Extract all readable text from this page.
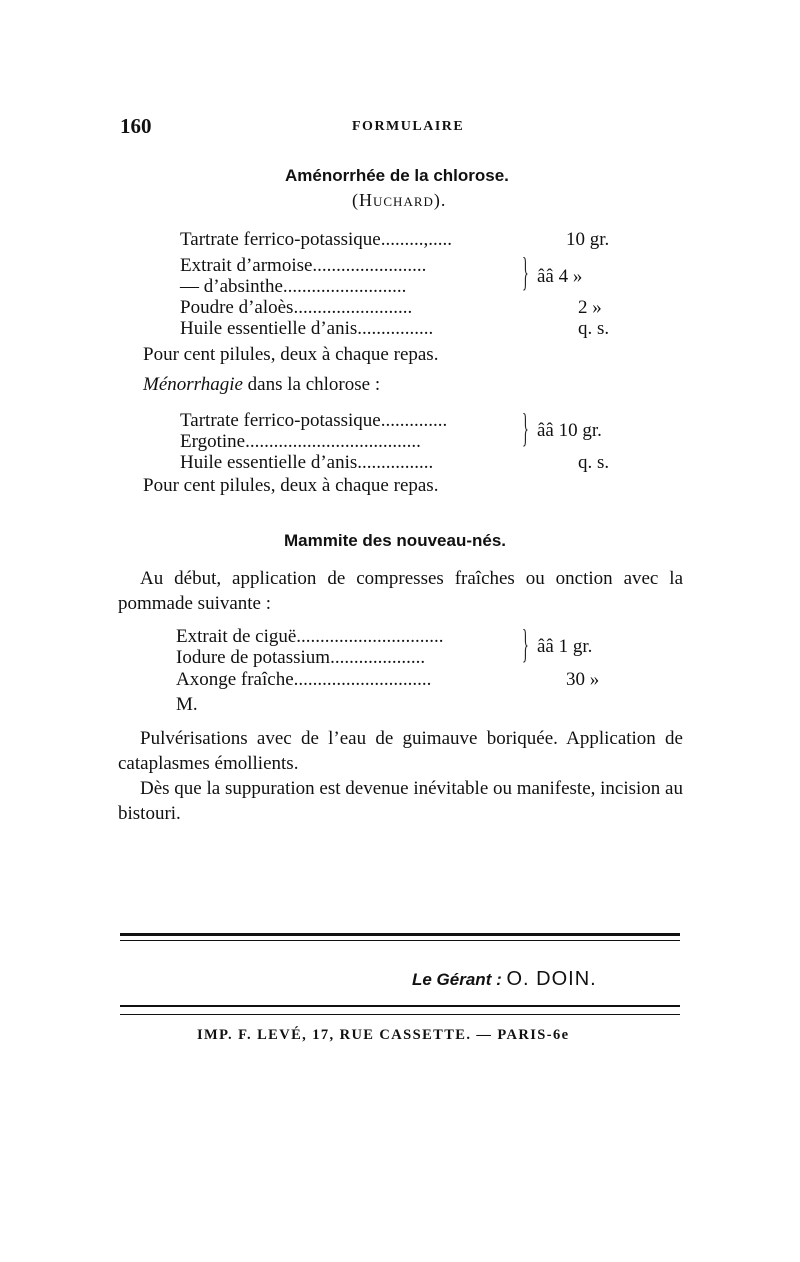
160	FORMULAIRE
Aménorrhée de la chlorose.
(Huchard).
Tartrate ferrico-potassique.........,.....	10 gr.
Extrait d’armoise........................
— d’absinthe..........................	} ââ 4 »
Poudre d’aloès.........................	2 »
Huile essentielle d’anis................	q. s.
Pour cent pilules, deux à chaque repas.
Ménorrhagie dans la chlorose :
Tartrate ferrico-potassique..............
Ergotine.....................................	} ââ 10 gr.
Huile essentielle d’anis................	q. s.
Pour cent pilules, deux à chaque repas.
Mammite des nouveau-nés.
Au début, application de compresses fraîches ou onction avec la pommade suivante :
Extrait de ciguë...............................
Iodure de potassium.................... } ââ 1 gr.
Axonge fraîche.............................	30 »
M.
Pulvérisations avec de l’eau de guimauve boriquée. Application de cataplasmes émollients.
Dès que la suppuration est devenue inévitable ou manifeste, incision au bistouri.
Le Gérant : O. DOIN.
IMP. F. LEVÉ, 17, RUE CASSETTE. — PARIS-6e
